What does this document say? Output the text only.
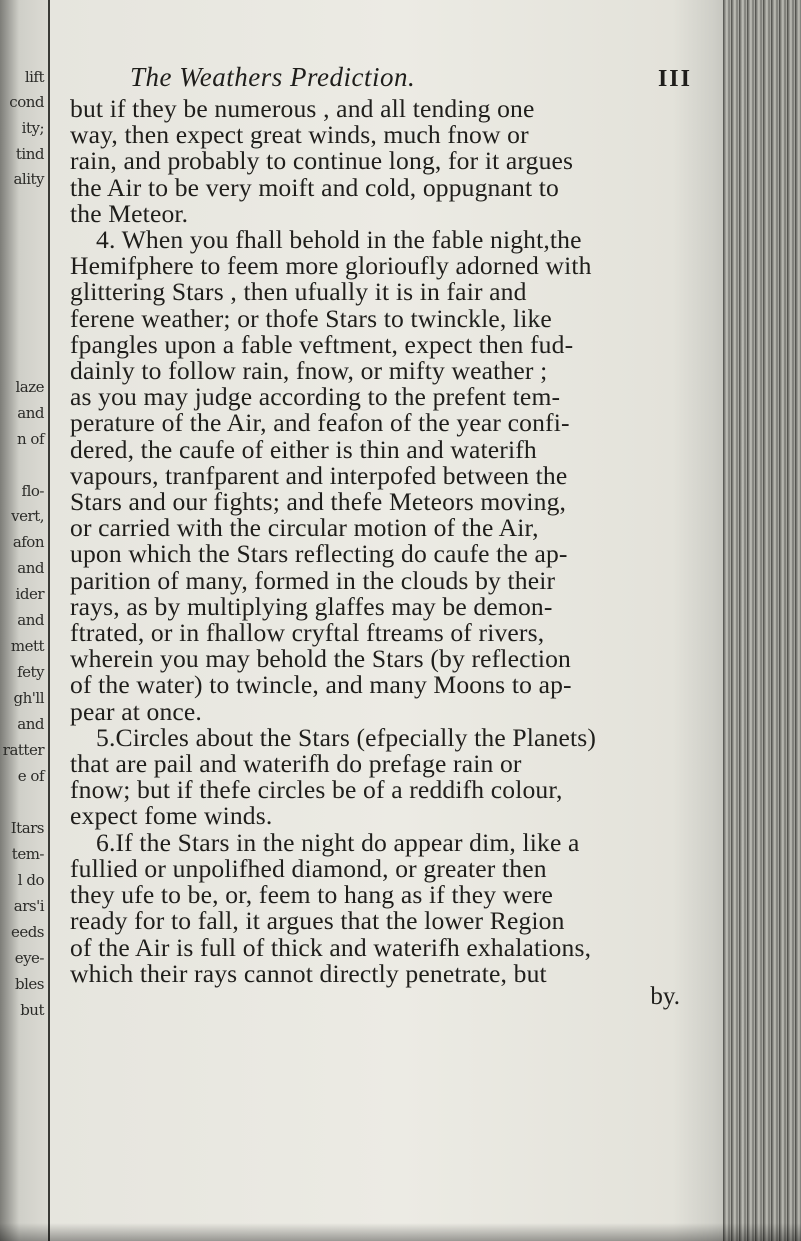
lift
cond
ity;
tind
ality
laze
and
n of
flo-
vert,
afon
and
ider
and
mett
fety
gh'll
and
ratter
e of
Itars
tem-
l do
ars'i
eeds
eye-
bles
but
The Weathers Prediction.	III
but if they be numerous , and all tending one
way, then expect great winds, much fnow or
rain, and probably to continue long, for it argues
the Air to be very moift and cold, oppugnant to
the Meteor.
4. When you fhall behold in the fable night,the
Hemifphere to feem more glorioufly adorned with
glittering Stars , then ufually it is in fair and
ferene weather; or thofe Stars to twinckle, like
fpangles upon a fable veftment, expect then fud-
dainly to follow rain, fnow, or mifty weather ;
as you may judge according to the prefent tem-
perature of the Air, and feafon of the year confi-
dered, the caufe of either is thin and waterifh
vapours, tranfparent and interpofed between the
Stars and our fights; and thefe Meteors moving,
or carried with the circular motion of the Air,
upon which the Stars reflecting do caufe the ap-
parition of many, formed in the clouds by their
rays, as by multiplying glaffes may be demon-
ftrated, or in fhallow cryftal ftreams of rivers,
wherein you may behold the Stars (by reflection
of the water) to twincle, and many Moons to ap-
pear at once.
5.Circles about the Stars (efpecially the Planets)
that are pail and waterifh do prefage rain or
fnow; but if thefe circles be of a reddifh colour,
expect fome winds.
6.If the Stars in the night do appear dim, like a
fullied or unpolifhed diamond, or greater then
they ufe to be, or, feem to hang as if they were
ready for to fall, it argues that the lower Region
of the Air is full of thick and waterifh exhalations,
which their rays cannot directly penetrate, but
by.
